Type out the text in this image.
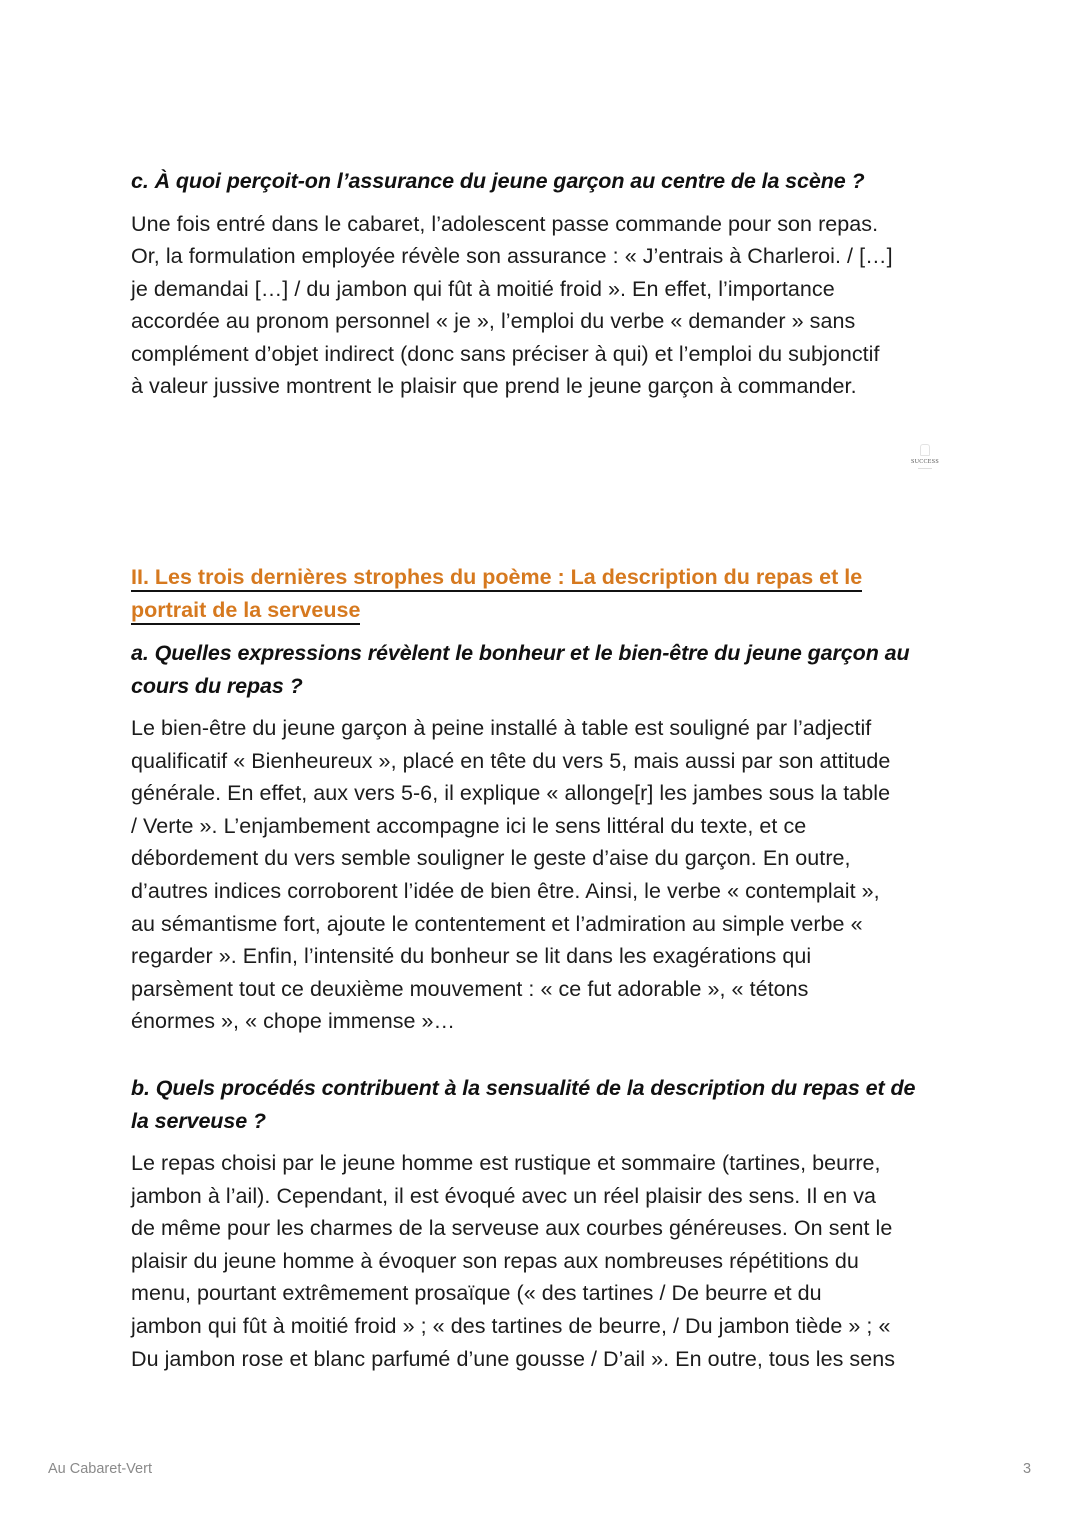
c. À quoi perçoit-on l’assurance du jeune garçon au centre de la scène ?

Une fois entré dans le cabaret, l’adolescent passe commande pour son repas.

Or, la formulation employée révèle son assurance : « J’entrais à Charleroi. / […]

je demandai […] / du jambon qui fût à moitié froid ». En effet, l’importance

accordée au pronom personnel « je », l’emploi du verbe « demander » sans

complément d’objet indirect (donc sans préciser à qui) et l’emploi du subjonctif

à valeur jussive montrent le plaisir que prend le jeune garçon à commander.

SUCCESS

II. Les trois dernières strophes du poème : La description du repas et le

portrait de la serveuse

a. Quelles expressions révèlent le bonheur et le bien-être du jeune garçon au

cours du repas ?

Le bien-être du jeune garçon à peine installé à table est souligné par l’adjectif

qualificatif « Bienheureux », placé en tête du vers 5, mais aussi par son attitude

générale. En effet, aux vers 5-6, il explique « allonge[r] les jambes sous la table

/ Verte ». L’enjambement accompagne ici le sens littéral du texte, et ce

débordement du vers semble souligner le geste d’aise du garçon. En outre,

d’autres indices corroborent l’idée de bien être. Ainsi, le verbe « contemplait »,

au sémantisme fort, ajoute le contentement et l’admiration au simple verbe «

regarder ». Enfin, l’intensité du bonheur se lit dans les exagérations qui

parsèment tout ce deuxième mouvement : « ce fut adorable », « tétons

énormes », « chope immense »…

b. Quels procédés contribuent à la sensualité de la description du repas et de

la serveuse ?

Le repas choisi par le jeune homme est rustique et sommaire (tartines, beurre,

jambon à l’ail). Cependant, il est évoqué avec un réel plaisir des sens. Il en va

de même pour les charmes de la serveuse aux courbes généreuses. On sent le

plaisir du jeune homme à évoquer son repas aux nombreuses répétitions du

menu, pourtant extrêmement prosaïque (« des tartines / De beurre et du

jambon qui fût à moitié froid » ; « des tartines de beurre, / Du jambon tiède » ; «

Du jambon rose et blanc parfumé d’une gousse / D’ail ». En outre, tous les sens

Au Cabaret-Vert	3
